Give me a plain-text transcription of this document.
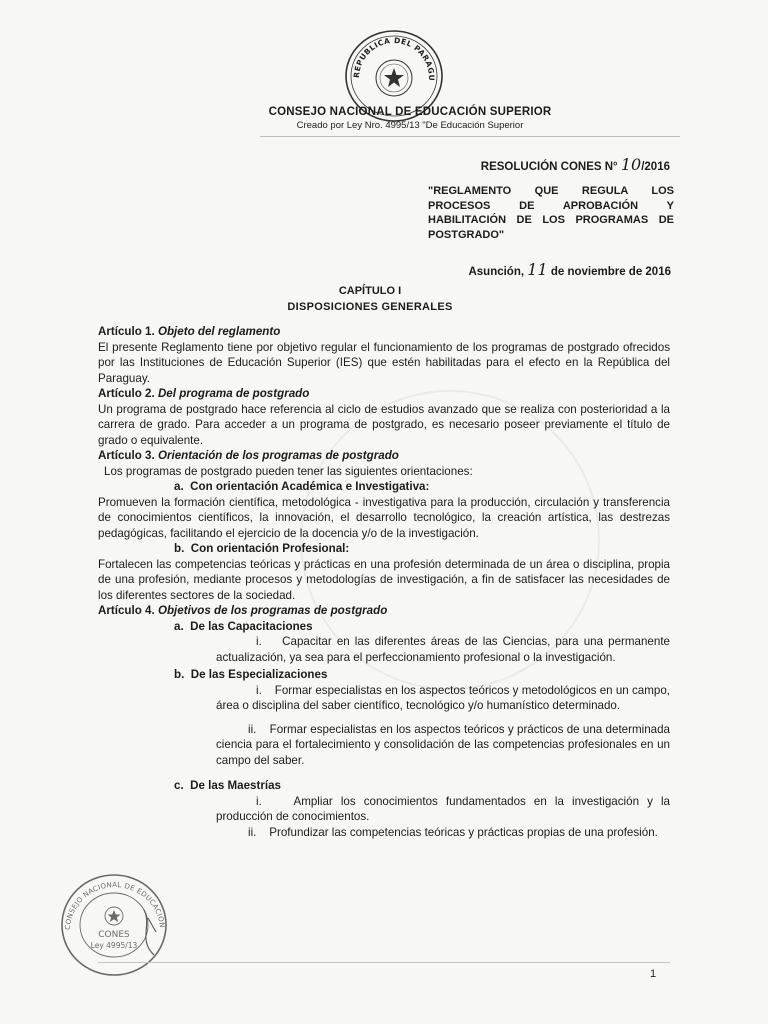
REPUBLICA DEL PARAGU
CONSEJO NACIONAL DE EDUCACIÓN SUPERIOR
Creado por Ley Nro. 4995/13 "De Educación Superior
RESOLUCIÓN CONES N° 10/2016
"REGLAMENTO QUE REGULA LOS PROCESOS DE APROBACIÓN Y HABILITACIÓN DE LOS PROGRAMAS DE POSTGRADO"
Asunción, 11 de noviembre de 2016
CAPÍTULO I
DISPOSICIONES GENERALES

Artículo 1. Objeto del reglamento

El presente Reglamento tiene por objetivo regular el funcionamiento de los programas de postgrado ofrecidos por las Instituciones de Educación Superior (IES) que estén habilitadas para el efecto en la República del Paraguay.

Artículo 2. Del programa de postgrado

Un programa de postgrado hace referencia al ciclo de estudios avanzado que se realiza con posterioridad a la carrera de grado. Para acceder a un programa de postgrado, es necesario poseer previamente el título de grado o equivalente.

Artículo 3. Orientación de los programas de postgrado

Los programas de postgrado pueden tener las siguientes orientaciones:

a. Con orientación Académica e Investigativa:

Promueven la formación científica, metodológica - investigativa para la producción, circulación y transferencia de conocimientos científicos, la innovación, el desarrollo tecnológico, la creación artística, las destrezas pedagógicas, facilitando el ejercicio de la docencia y/o de la investigación.

b. Con orientación Profesional:

Fortalecen las competencias teóricas y prácticas en una profesión determinada de un área o disciplina, propia de una profesión, mediante procesos y metodologías de investigación, a fin de satisfacer las necesidades de los diferentes sectores de la sociedad.

Artículo 4. Objetivos de los programas de postgrado

a. De las Capacitaciones

i. Capacitar en las diferentes áreas de las Ciencias, para una permanente actualización, ya sea para el perfeccionamiento profesional o la investigación.

b. De las Especializaciones

i. Formar especialistas en los aspectos teóricos y metodológicos en un campo, área o disciplina del saber científico, tecnológico y/o humanístico determinado.

ii. Formar especialistas en los aspectos teóricos y prácticos de una determinada ciencia para el fortalecimiento y consolidación de las competencias profesionales en un campo del saber.

c. De las Maestrías

i.	Ampliar los conocimientos fundamentados en la investigación y la producción de conocimientos.

ii. Profundizar las competencias teóricas y prácticas propias de una profesión.

CONSEJO NACIONAL DE EDUCACION
CONES
Ley 4995/13
1
